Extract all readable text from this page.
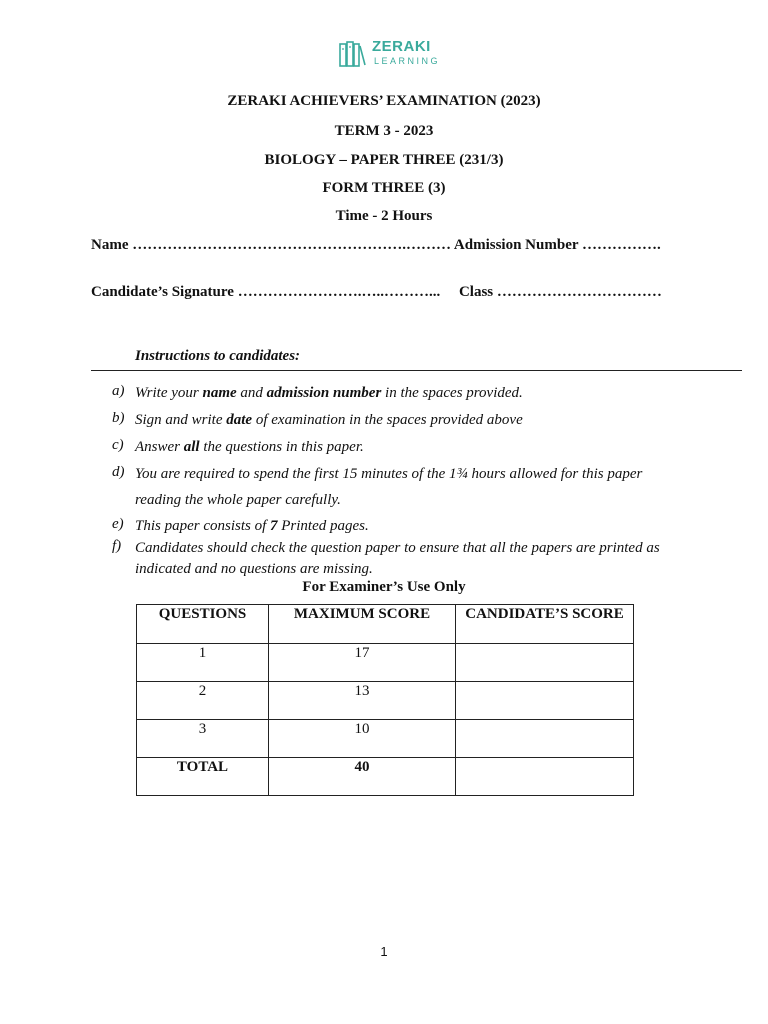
ZERAKI
LEARNING
ZERAKI ACHIEVERS’ EXAMINATION (2023)
TERM 3 - 2023
BIOLOGY – PAPER THREE (231/3)
FORM THREE (3)
Time - 2 Hours
Name ……………………………………………….……… Admission Number …………….
Candidate’s Signature …………………….…..………...     Class ……………………………
Instructions to candidates:
a) Write your name and admission number in the spaces provided.
b) Sign and write date of examination in the spaces provided above
c) Answer all the questions in this paper.
d) You are required to spend the first 15 minutes of the 1¾ hours allowed for this paper reading the whole paper carefully.
e) This paper consists of 7 Printed pages.
f) Candidates should check the question paper to ensure that all the papers are printed as indicated and no questions are missing.
For Examiner’s Use Only
QUESTIONS	MAXIMUM SCORE	CANDIDATE’S SCORE
1	17	
2	13	
3	10	
TOTAL	40	
1
